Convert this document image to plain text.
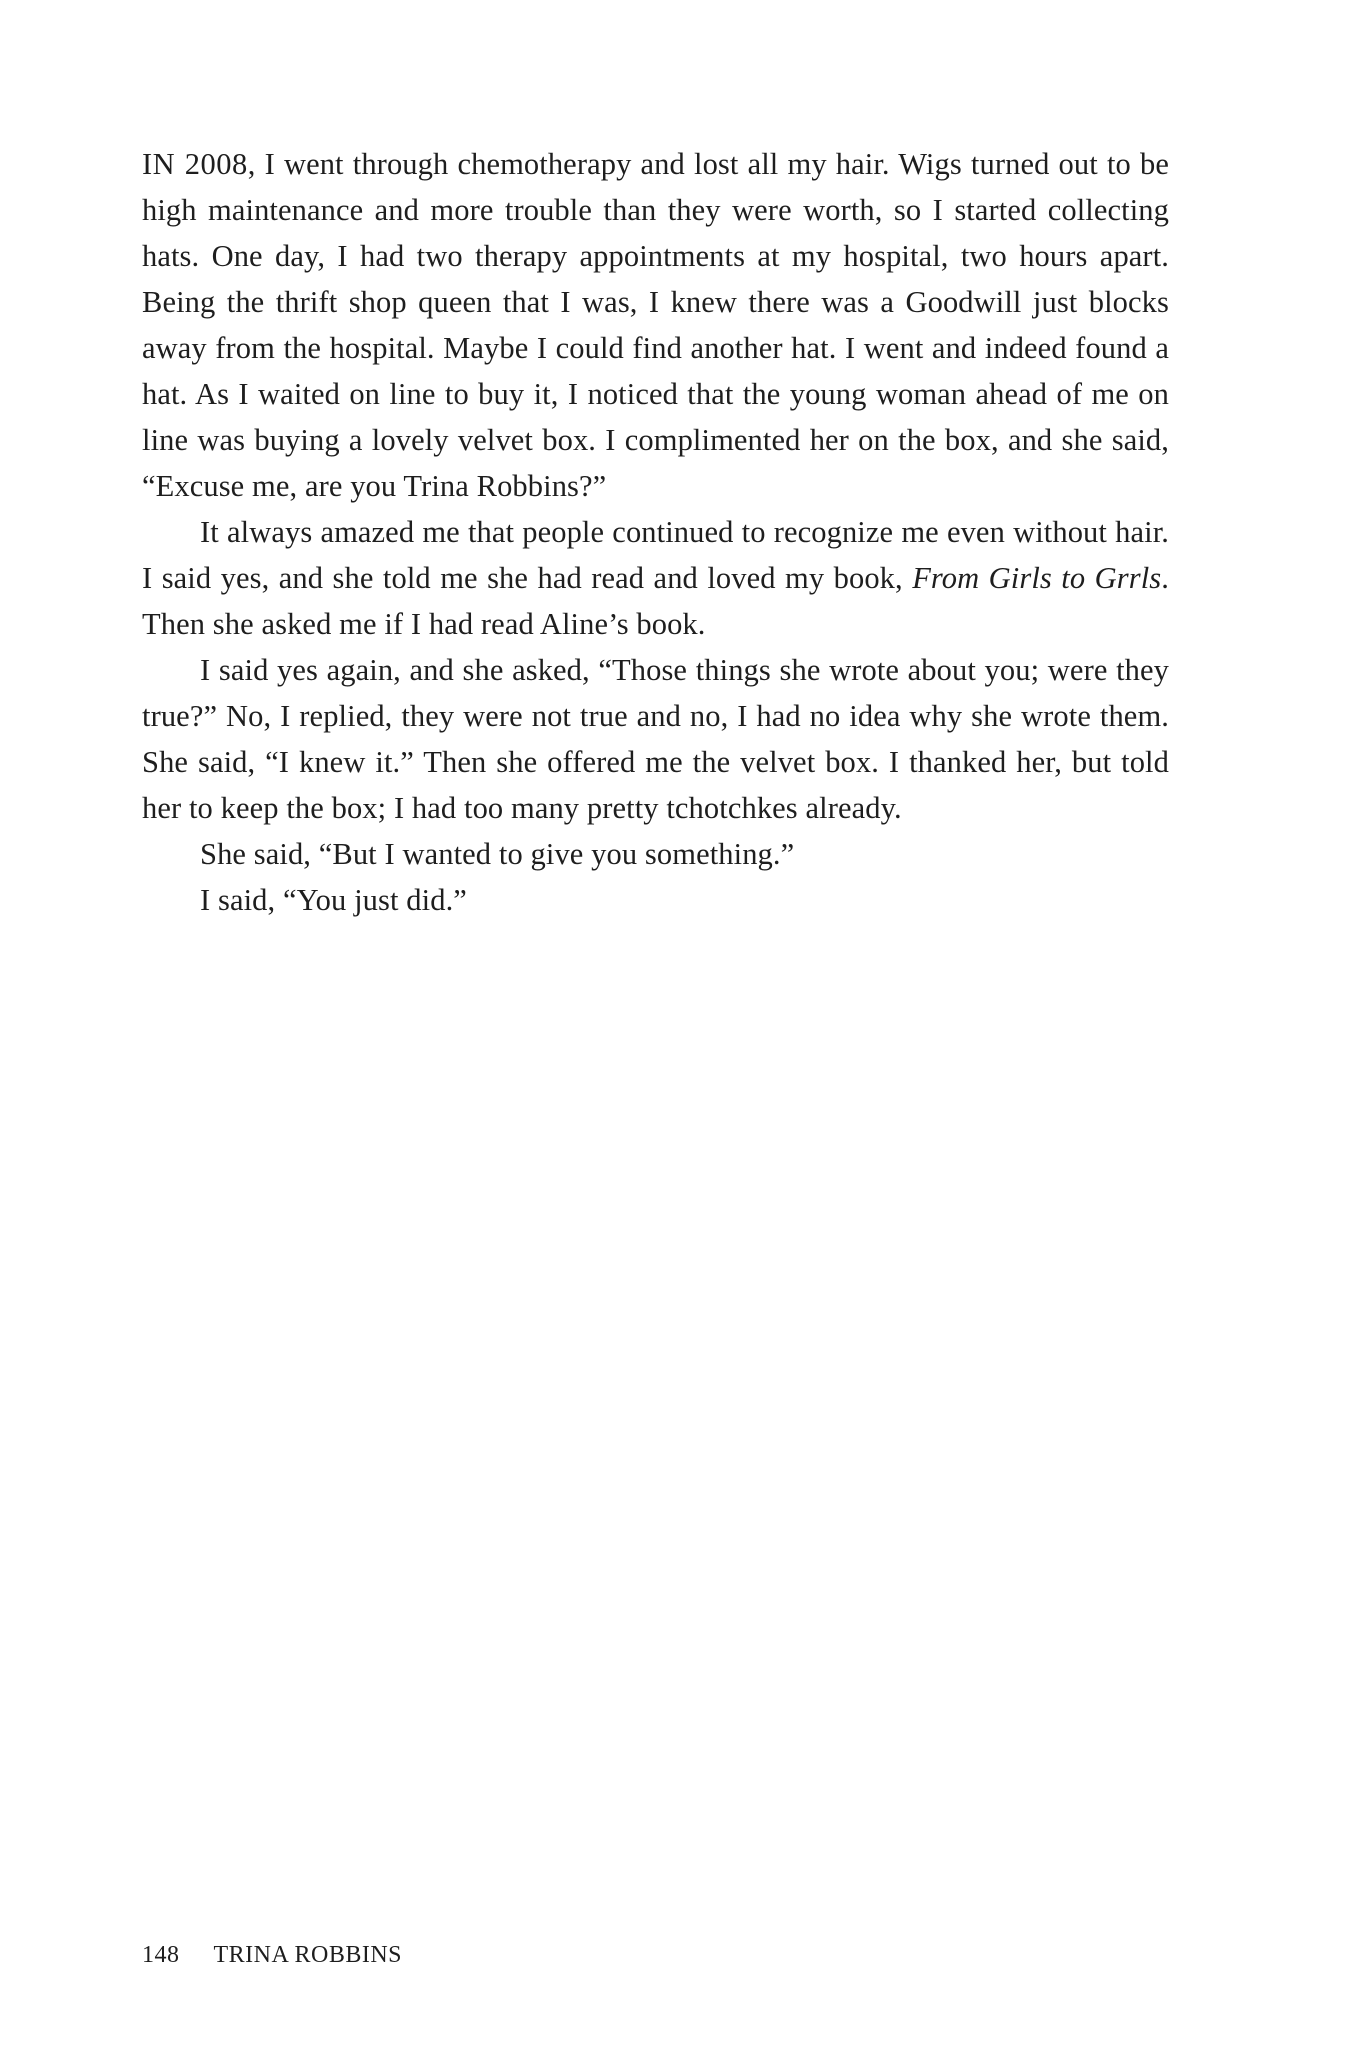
IN 2008, I went through chemotherapy and lost all my hair. Wigs turned out to be high maintenance and more trouble than they were worth, so I started collecting hats. One day, I had two therapy appointments at my hospital, two hours apart. Being the thrift shop queen that I was, I knew there was a Goodwill just blocks away from the hospital. Maybe I could find another hat. I went and indeed found a hat. As I waited on line to buy it, I noticed that the young woman ahead of me on line was buying a lovely velvet box. I complimented her on the box, and she said, “Excuse me, are you Trina Robbins?”

It always amazed me that people continued to recognize me even without hair. I said yes, and she told me she had read and loved my book, From Girls to Grrls. Then she asked me if I had read Aline’s book.

I said yes again, and she asked, “Those things she wrote about you; were they true?” No, I replied, they were not true and no, I had no idea why she wrote them. She said, “I knew it.” Then she offered me the velvet box. I thanked her, but told her to keep the box; I had too many pretty tchotchkes already.

She said, “But I wanted to give you something.”

I said, “You just did.”

148 TRINA ROBBINS
